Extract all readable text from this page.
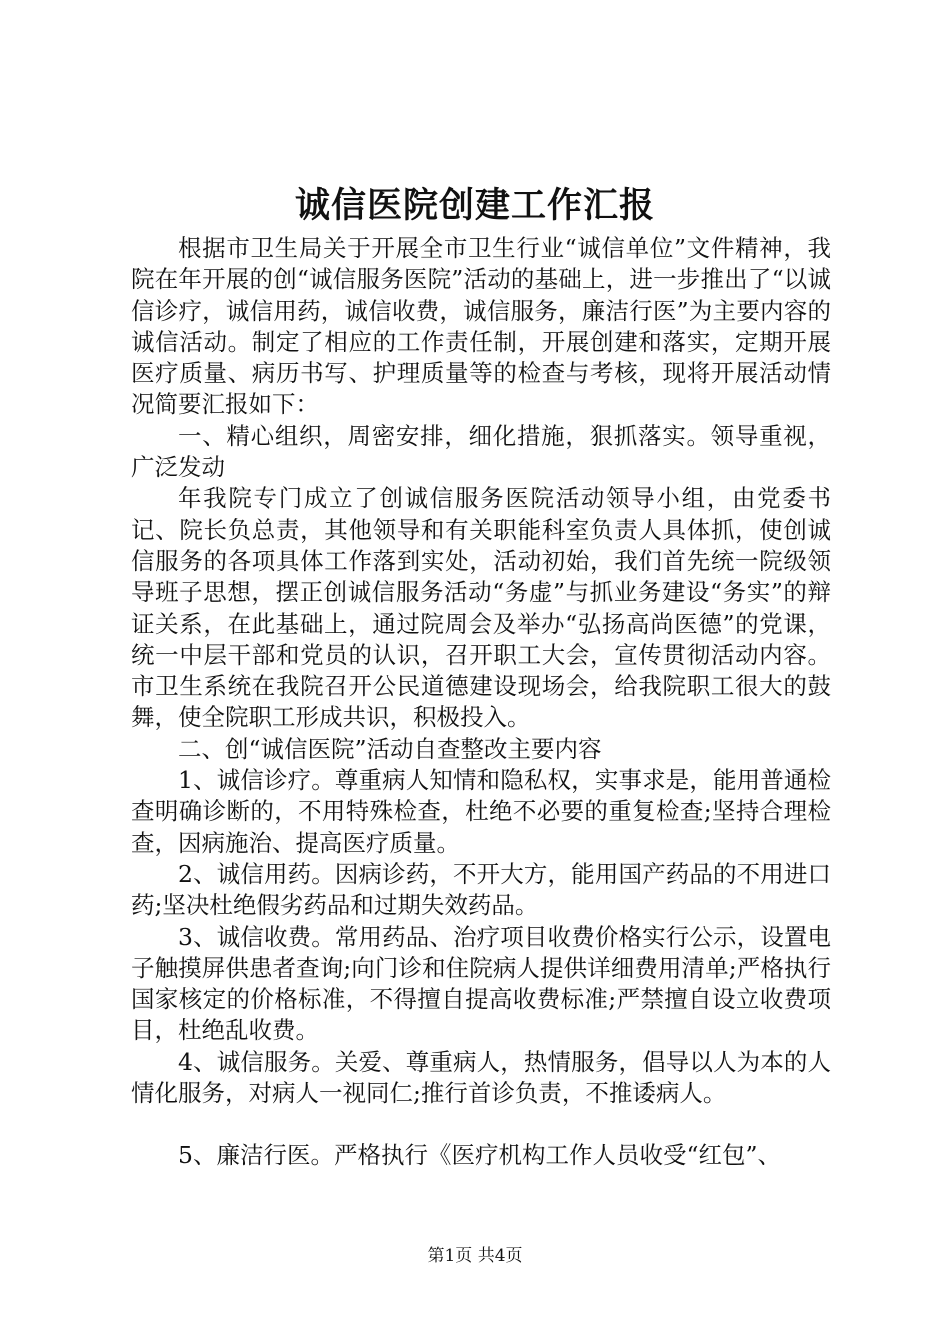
诚信医院创建工作汇报

根据市卫生局关于开展全市卫生行业“诚信单位”文件精神，我院在年开展的创“诚信服务医院”活动的基础上，进一步推出了“以诚信诊疗，诚信用药，诚信收费，诚信服务，廉洁行医”为主要内容的诚信活动。制定了相应的工作责任制，开展创建和落实，定期开展医疗质量、病历书写、护理质量等的检查与考核，现将开展活动情况简要汇报如下：

一、精心组织，周密安排，细化措施，狠抓落实。领导重视，广泛发动

年我院专门成立了创诚信服务医院活动领导小组，由党委书记、院长负总责，其他领导和有关职能科室负责人具体抓，使创诚信服务的各项具体工作落到实处，活动初始，我们首先统一院级领导班子思想，摆正创诚信服务活动“务虚”与抓业务建设“务实”的辩证关系，在此基础上，通过院周会及举办“弘扬高尚医德”的党课，统一中层干部和党员的认识，召开职工大会，宣传贯彻活动内容。市卫生系统在我院召开公民道德建设现场会，给我院职工很大的鼓舞，使全院职工形成共识，积极投入。

二、创“诚信医院”活动自查整改主要内容

1、诚信诊疗。尊重病人知情和隐私权，实事求是，能用普通检查明确诊断的，不用特殊检查，杜绝不必要的重复检查;坚持合理检查，因病施治、提高医疗质量。

2、诚信用药。因病诊药，不开大方，能用国产药品的不用进口药;坚决杜绝假劣药品和过期失效药品。

3、诚信收费。常用药品、治疗项目收费价格实行公示，设置电子触摸屏供患者查询;向门诊和住院病人提供详细费用清单;严格执行国家核定的价格标准，不得擅自提高收费标准;严禁擅自设立收费项目，杜绝乱收费。

4、诚信服务。关爱、尊重病人，热情服务，倡导以人为本的人情化服务，对病人一视同仁;推行首诊负责，不推诿病人。

5、廉洁行医。严格执行《医疗机构工作人员收受“红包”、

第1页 共4页
